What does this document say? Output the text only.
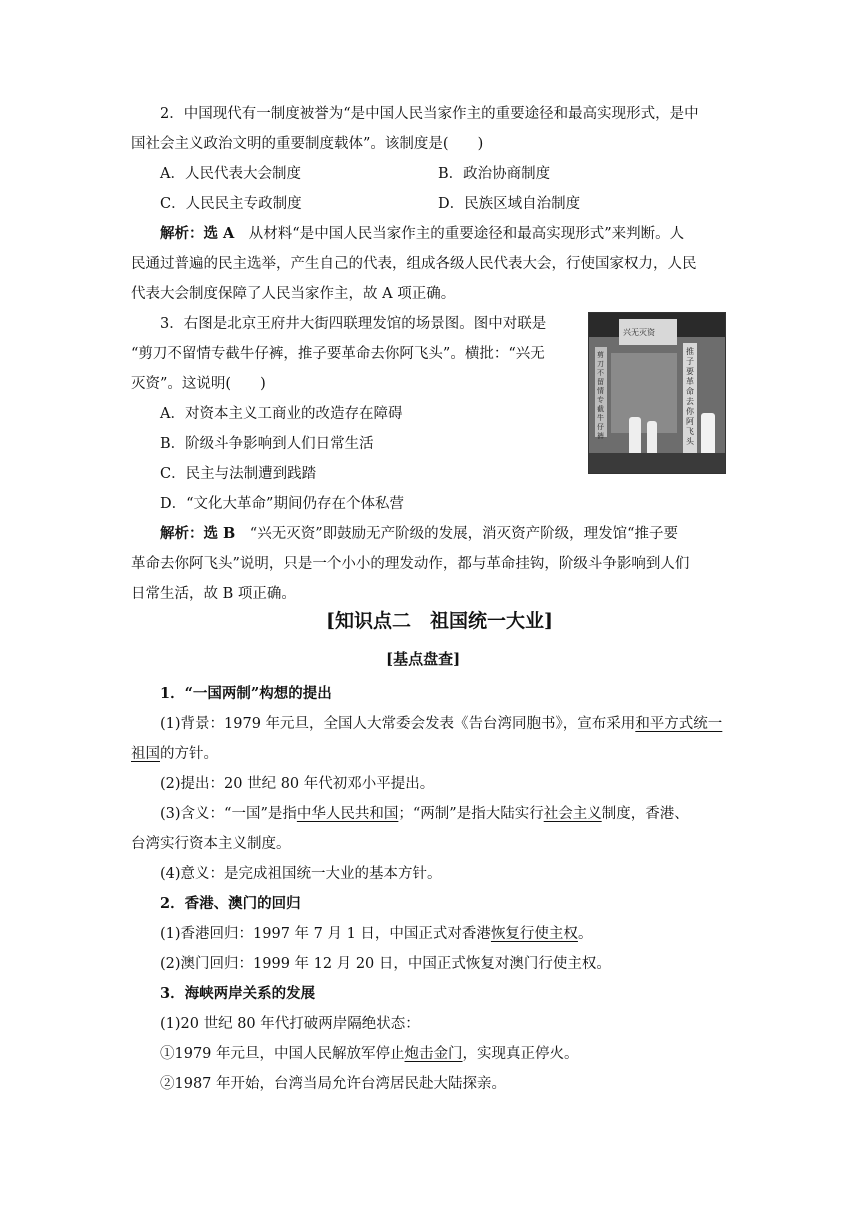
2．中国现代有一制度被誉为“是中国人民当家作主的重要途径和最高实现形式，是中
国社会主义政治文明的重要制度载体”。该制度是(　　)
A．人民代表大会制度	B．政治协商制度
C．人民民主专政制度	D．民族区域自治制度
解析：选 A　从材料“是中国人民当家作主的重要途径和最高实现形式”来判断。人
民通过普遍的民主选举，产生自己的代表，组成各级人民代表大会，行使国家权力，人民
代表大会制度保障了人民当家作主，故 A 项正确。
3．右图是北京王府井大街四联理发馆的场景图。图中对联是
“剪刀不留情专截牛仔裤，推子要革命去你阿飞头”。横批：“兴无
灭资”。这说明(　　)
A．对资本主义工商业的改造存在障碍
B．阶级斗争影响到人们日常生活
C．民主与法制遭到践踏
D．“文化大革命”期间仍存在个体私营
解析：选 B　“兴无灭资”即鼓励无产阶级的发展，消灭资产阶级，理发馆“推子要
革命去你阿飞头”说明，只是一个小小的理发动作，都与革命挂钩，阶级斗争影响到人们
日常生活，故 B 项正确。
兴无灭资
推子要革命去你阿飞头
剪刀不留情专截牛仔裤
[知识点二　祖国统一大业]
[基点盘查]
1．“一国两制”构想的提出
(1)背景：1979 年元旦，全国人大常委会发表《告台湾同胞书》，宣布采用和平方式统一
祖国的方针。
(2)提出：20 世纪 80 年代初邓小平提出。
(3)含义：“一国”是指中华人民共和国；“两制”是指大陆实行社会主义制度，香港、
台湾实行资本主义制度。
(4)意义：是完成祖国统一大业的基本方针。
2．香港、澳门的回归
(1)香港回归：1997 年 7 月 1 日，中国正式对香港恢复行使主权。
(2)澳门回归：1999 年 12 月 20 日，中国正式恢复对澳门行使主权。
3．海峡两岸关系的发展
(1)20 世纪 80 年代打破两岸隔绝状态：
①1979 年元旦，中国人民解放军停止炮击金门，实现真正停火。
②1987 年开始，台湾当局允许台湾居民赴大陆探亲。
